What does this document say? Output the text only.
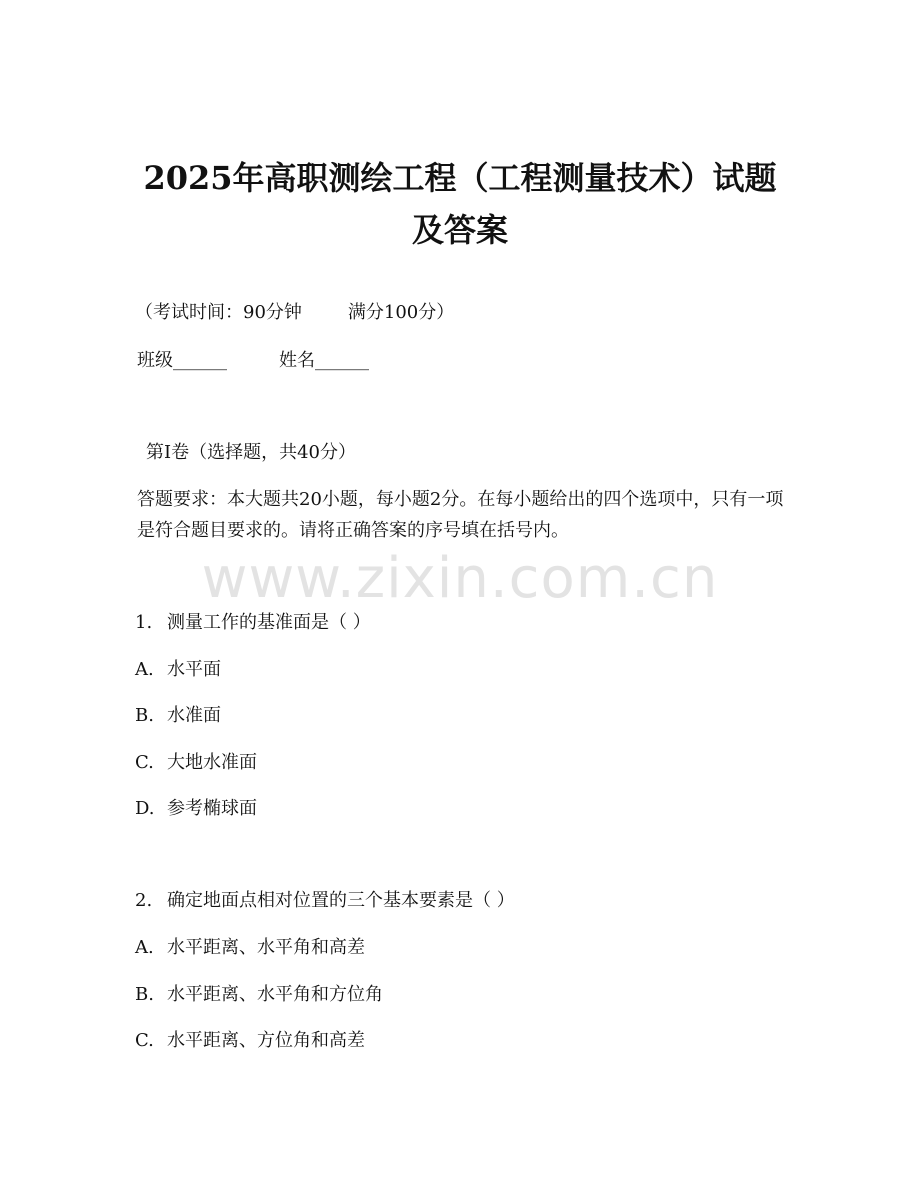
2025年高职测绘工程（工程测量技术）试题
及答案
（考试时间：90分钟	满分100分）
班级______	姓名______
第Ⅰ卷（选择题，共40分）
答题要求：本大题共20小题，每小题2分。在每小题给出的四个选项中，只有一项是符合题目要求的。请将正确答案的序号填在括号内。
www.zixin.com.cn
1. 测量工作的基准面是（ ）
A. 水平面
B. 水准面
C. 大地水准面
D. 参考椭球面
2. 确定地面点相对位置的三个基本要素是（ ）
A. 水平距离、水平角和高差
B. 水平距离、水平角和方位角
C. 水平距离、方位角和高差
